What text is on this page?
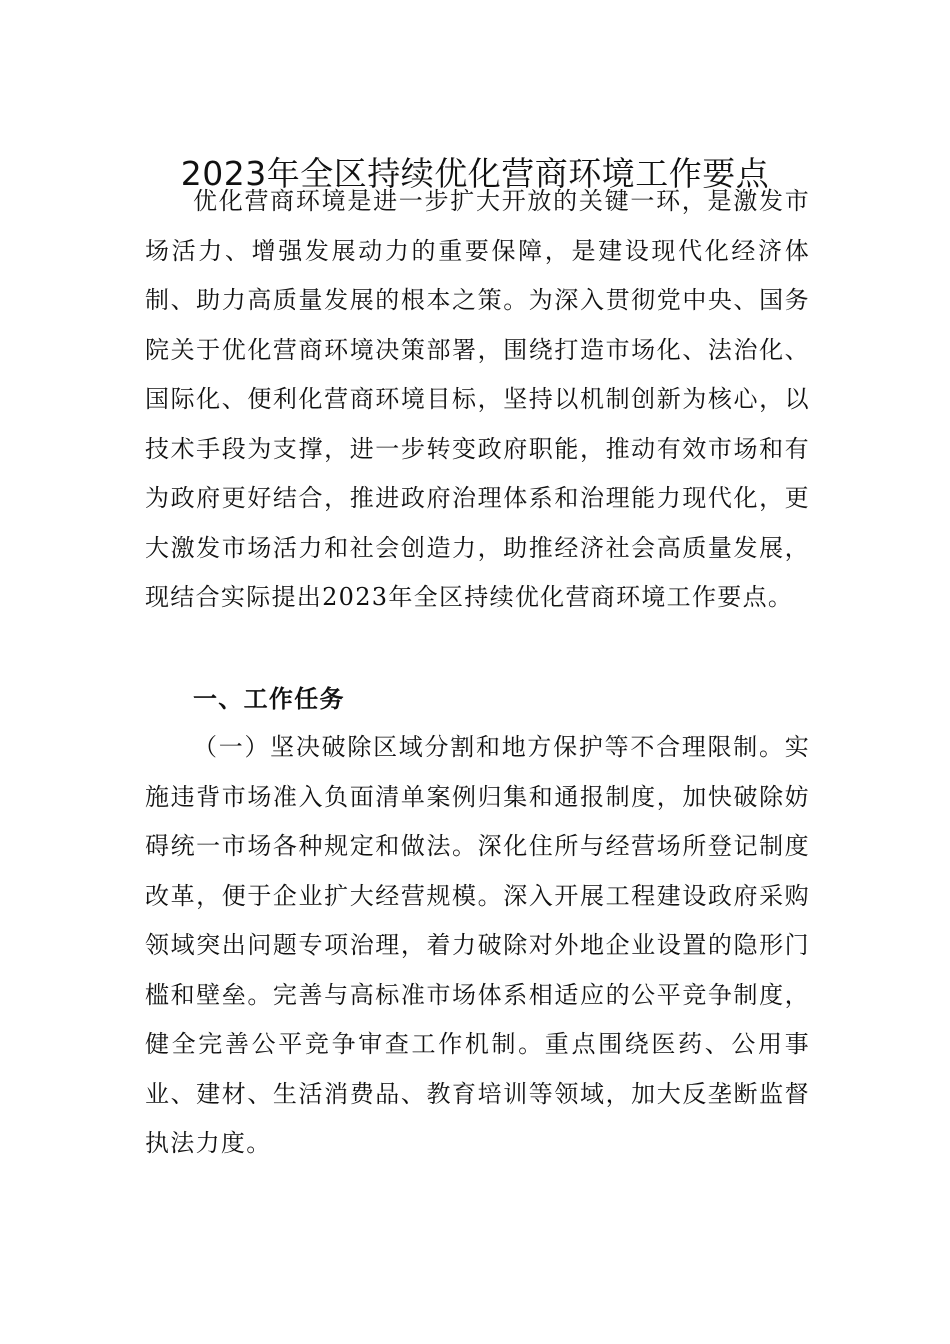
2023年全区持续优化营商环境工作要点

优化营商环境是进一步扩大开放的关键一环，是激发市场活力、增强发展动力的重要保障，是建设现代化经济体制、助力高质量发展的根本之策。为深入贯彻党中央、国务院关于优化营商环境决策部署，围绕打造市场化、法治化、国际化、便利化营商环境目标，坚持以机制创新为核心，以技术手段为支撑，进一步转变政府职能，推动有效市场和有为政府更好结合，推进政府治理体系和治理能力现代化，更大激发市场活力和社会创造力，助推经济社会高质量发展，现结合实际提出2023年全区持续优化营商环境工作要点。

一、工作任务

（一）坚决破除区域分割和地方保护等不合理限制。实施违背市场准入负面清单案例归集和通报制度，加快破除妨碍统一市场各种规定和做法。深化住所与经营场所登记制度改革，便于企业扩大经营规模。深入开展工程建设政府采购领域突出问题专项治理，着力破除对外地企业设置的隐形门槛和壁垒。完善与高标准市场体系相适应的公平竞争制度，健全完善公平竞争审查工作机制。重点围绕医药、公用事业、建材、生活消费品、教育培训等领域，加大反垄断监督执法力度。
